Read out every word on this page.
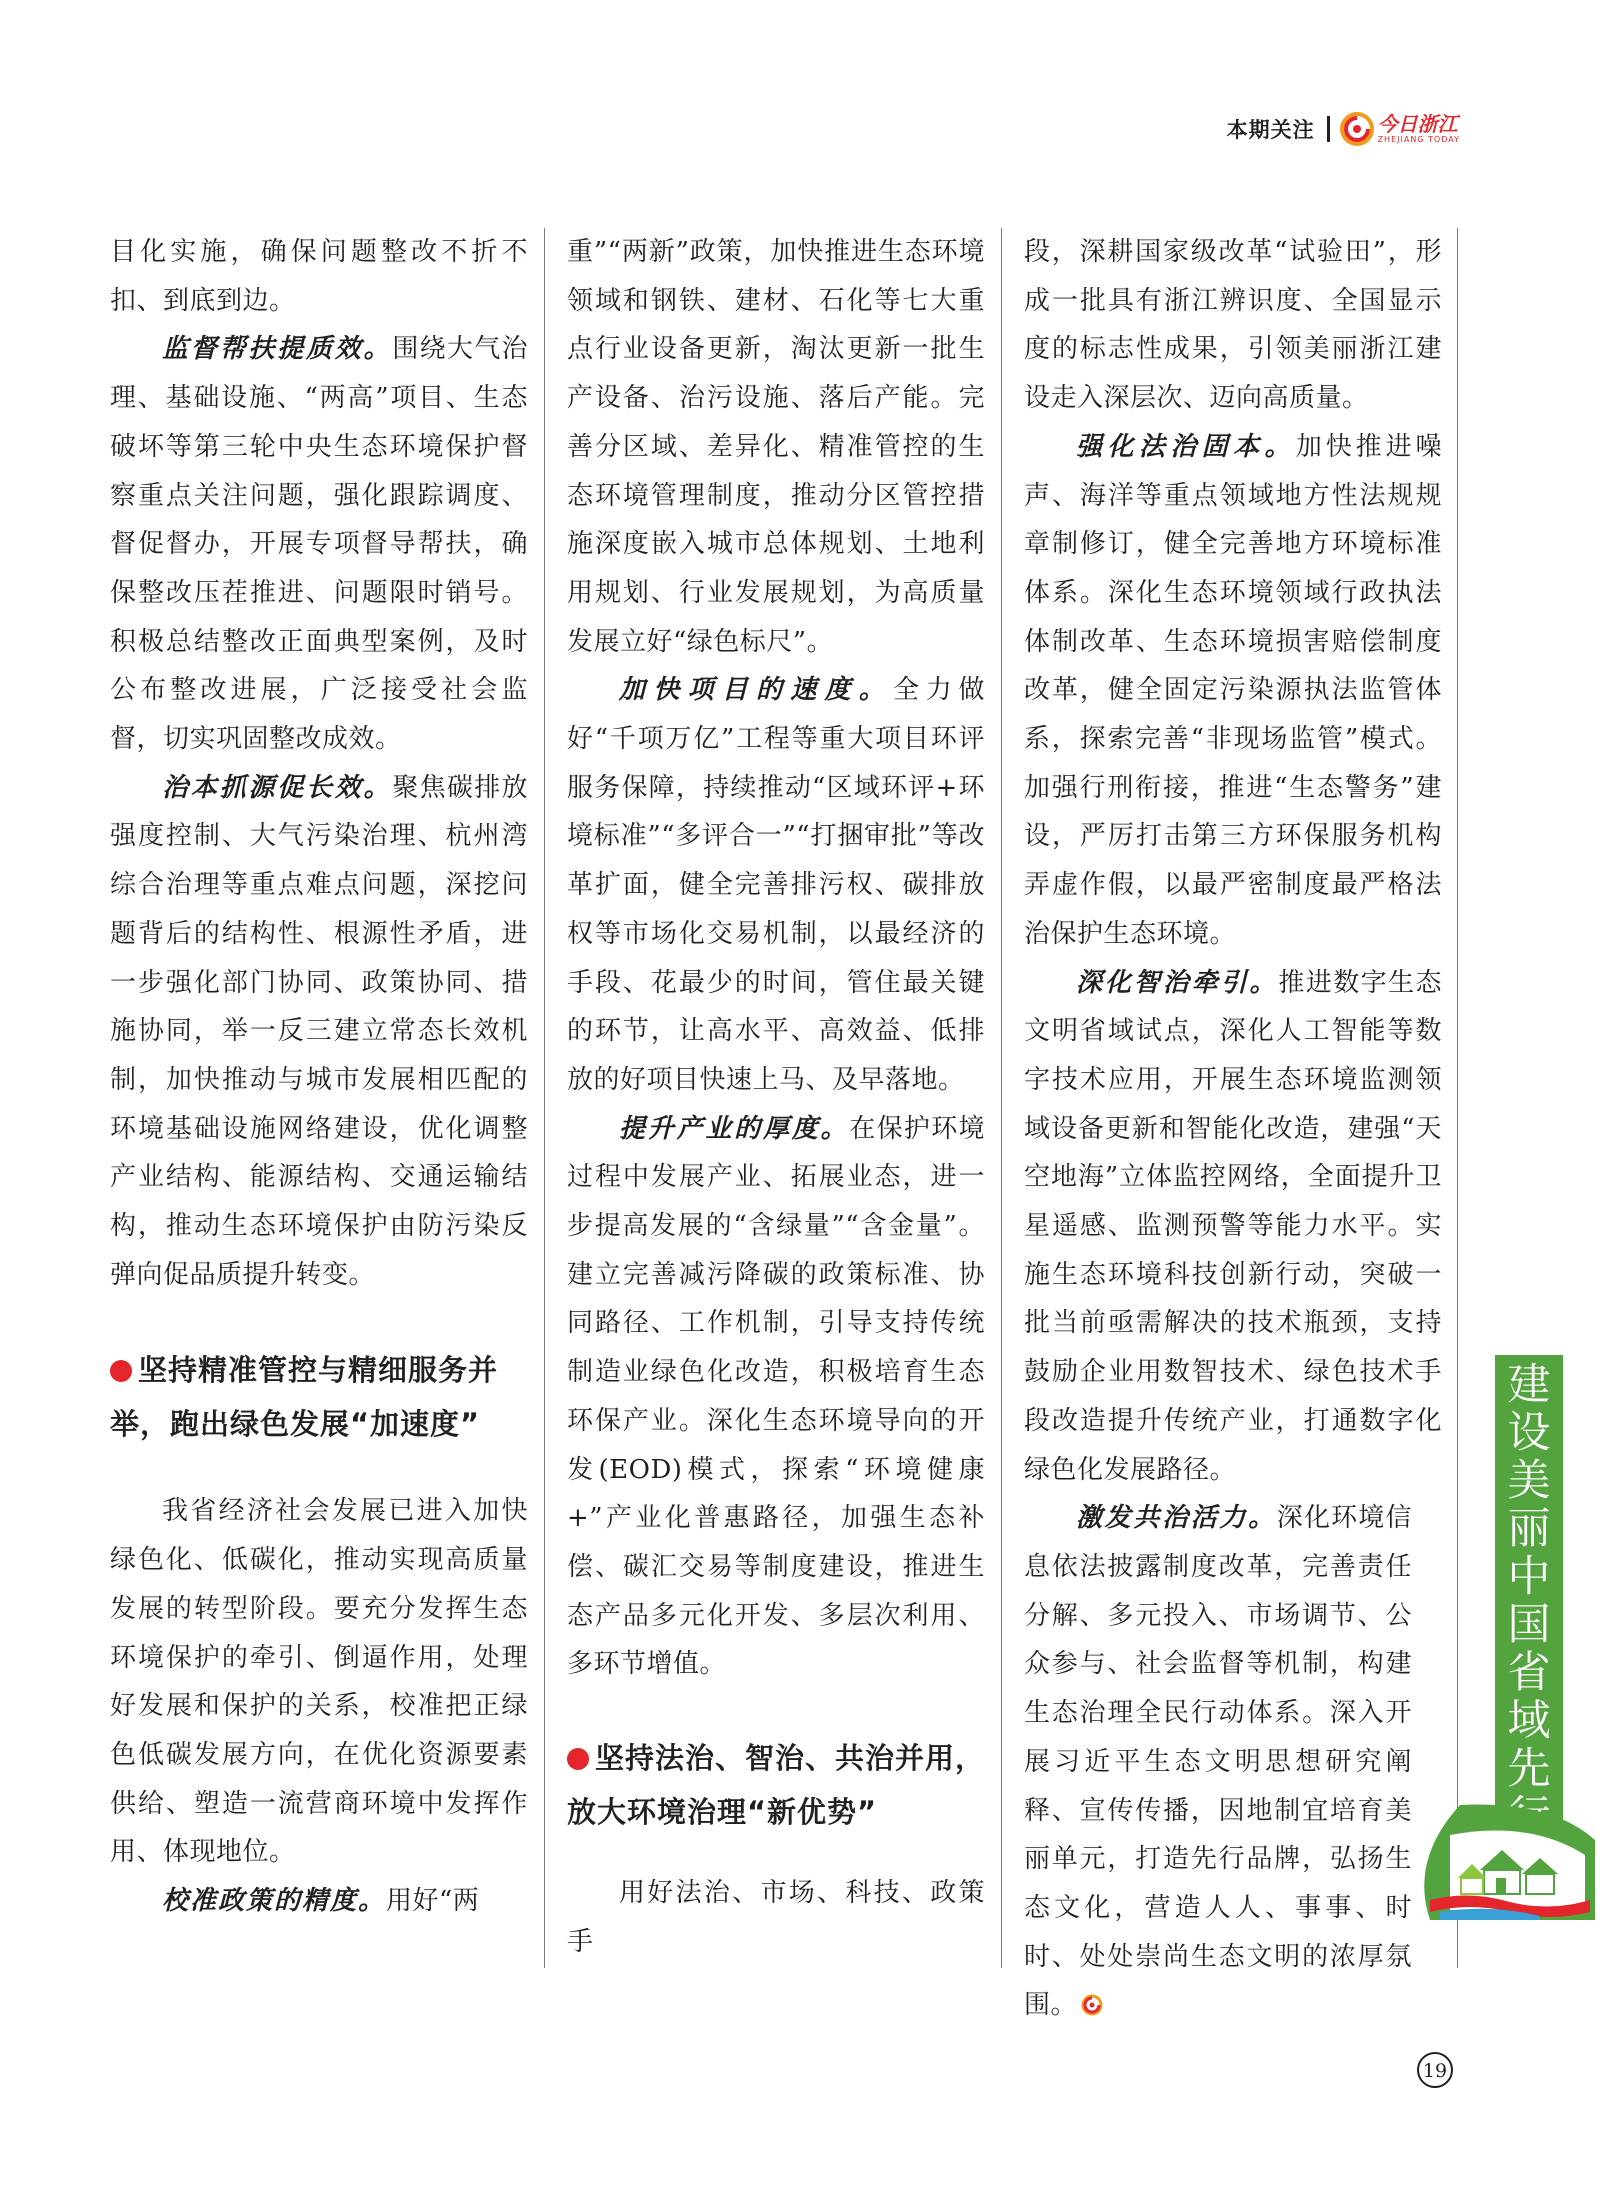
本期关注	今日浙江
ZHEJIANG TODAY

目化实施，确保问题整改不折不扣、到底到边。

监督帮扶提质效。围绕大气治理、基础设施、“两高”项目、生态破坏等第三轮中央生态环境保护督察重点关注问题，强化跟踪调度、督促督办，开展专项督导帮扶，确保整改压茬推进、问题限时销号。积极总结整改正面典型案例，及时公布整改进展，广泛接受社会监督，切实巩固整改成效。

治本抓源促长效。聚焦碳排放强度控制、大气污染治理、杭州湾综合治理等重点难点问题，深挖问题背后的结构性、根源性矛盾，进一步强化部门协同、政策协同、措施协同，举一反三建立常态长效机制，加快推动与城市发展相匹配的环境基础设施网络建设，优化调整产业结构、能源结构、交通运输结构，推动生态环境保护由防污染反弹向促品质提升转变。

坚持精准管控与精细服务并举，跑出绿色发展“加速度”

我省经济社会发展已进入加快绿色化、低碳化，推动实现高质量发展的转型阶段。要充分发挥生态环境保护的牵引、倒逼作用，处理好发展和保护的关系，校准把正绿色低碳发展方向，在优化资源要素供给、塑造一流营商环境中发挥作用、体现地位。

校准政策的精度。用好“两

重”“两新”政策，加快推进生态环境领域和钢铁、建材、石化等七大重点行业设备更新，淘汰更新一批生产设备、治污设施、落后产能。完善分区域、差异化、精准管控的生态环境管理制度，推动分区管控措施深度嵌入城市总体规划、土地利用规划、行业发展规划，为高质量发展立好“绿色标尺”。

加快项目的速度。全力做好“千项万亿”工程等重大项目环评服务保障，持续推动“区域环评+环境标准”“多评合一”“打捆审批”等改革扩面，健全完善排污权、碳排放权等市场化交易机制，以最经济的手段、花最少的时间，管住最关键的环节，让高水平、高效益、低排放的好项目快速上马、及早落地。

提升产业的厚度。在保护环境过程中发展产业、拓展业态，进一步提高发展的“含绿量”“含金量”。建立完善减污降碳的政策标准、协同路径、工作机制，引导支持传统制造业绿色化改造，积极培育生态环保产业。深化生态环境导向的开发(EOD)模式，探索“环境健康+”产业化普惠路径，加强生态补偿、碳汇交易等制度建设，推进生态产品多元化开发、多层次利用、多环节增值。

坚持法治、智治、共治并用，放大环境治理“新优势”

用好法治、市场、科技、政策手

段，深耕国家级改革“试验田”，形成一批具有浙江辨识度、全国显示度的标志性成果，引领美丽浙江建设走入深层次、迈向高质量。

强化法治固本。加快推进噪声、海洋等重点领域地方性法规规章制修订，健全完善地方环境标准体系。深化生态环境领域行政执法体制改革、生态环境损害赔偿制度改革，健全固定污染源执法监管体系，探索完善“非现场监管”模式。加强行刑衔接，推进“生态警务”建设，严厉打击第三方环保服务机构弄虚作假，以最严密制度最严格法治保护生态环境。

深化智治牵引。推进数字生态文明省域试点，深化人工智能等数字技术应用，开展生态环境监测领域设备更新和智能化改造，建强“天空地海”立体监控网络，全面提升卫星遥感、监测预警等能力水平。实施生态环境科技创新行动，突破一批当前亟需解决的技术瓶颈，支持鼓励企业用数智技术、绿色技术手段改造提升传统产业，打通数字化绿色化发展路径。

激发共治活力。深化环境信息依法披露制度改革，完善责任分解、多元投入、市场调节、公众参与、社会监督等机制，构建生态治理全民行动体系。深入开展习近平生态文明思想研究阐释、宣传传播，因地制宜培育美丽单元，打造先行品牌，弘扬生态文化，营造人人、事事、时时、处处崇尚生态文明的浓厚氛围。

建设美丽中国省域先
19
